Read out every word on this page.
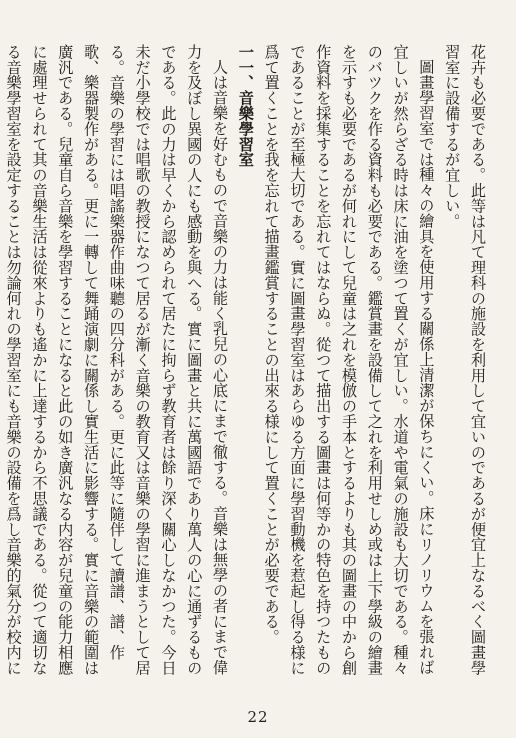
花卉も必要である。此等は凡て理科の施設を利用して宜いのであるが便宜上なるべく圖畫學習室に設備するが宜しい。

圖畫學習室では種々の繪具を使用する關係上清潔が保ちにくい。床にリノリウムを張れば宜しいが然らざる時は床に油を塗つて置くが宜しい。水道や電氣の施設も大切である。種々のバツクを作る資料も必要である。鑑賞畫を設備して之れを利用せしめ或は上下學級の繪畫を示すも必要であるが何れにして兒童は之れを模倣の手本とするよりも其の圖畫の中から創作資料を採集することを忘れてはならぬ。從つて描出する圖畫は何等かの特色を持つたものであることが至極大切である。實に圖畫學習室はあらゆる方面に學習動機を惹起し得る様に爲て置くことを我を忘れて描畫鑑賞することの出來る様にして置くことが必要である。

一一、音樂學習室

人は音樂を好むもので音樂の力は能く乳兒の心底にまで徹する。音樂は無學の者にまで偉力を及ぼし異國の人にも感動を與へる。實に圖畫と共に萬國語であり萬人の心に通ずるものである。此の力は早くから認められて居たに拘らず教育者は餘り深く關心しなかつた。今日未だ小學校では唱歌の教授になつて居るが漸く音樂の教育又は音樂の學習に進まうとして居る。音樂の學習には唱謠樂器作曲味聽の四分科がある。更に此等に隨伴して讀譜、譜、作歌、樂器製作がある。更に一轉して舞踊演劇に關係し實生活に影響する。實に音樂の範圍は廣汎である。兒童自ら音樂を學習することになると此の如き廣汎なる内容が兒童の能力相應に處理せられて其の音樂生活は從來よりも遙かに上達するから不思議である。從つて適切なる音樂學習室を設定することは勿論何れの學習室にも音樂の設備を爲し音樂的氣分が校内に

22
